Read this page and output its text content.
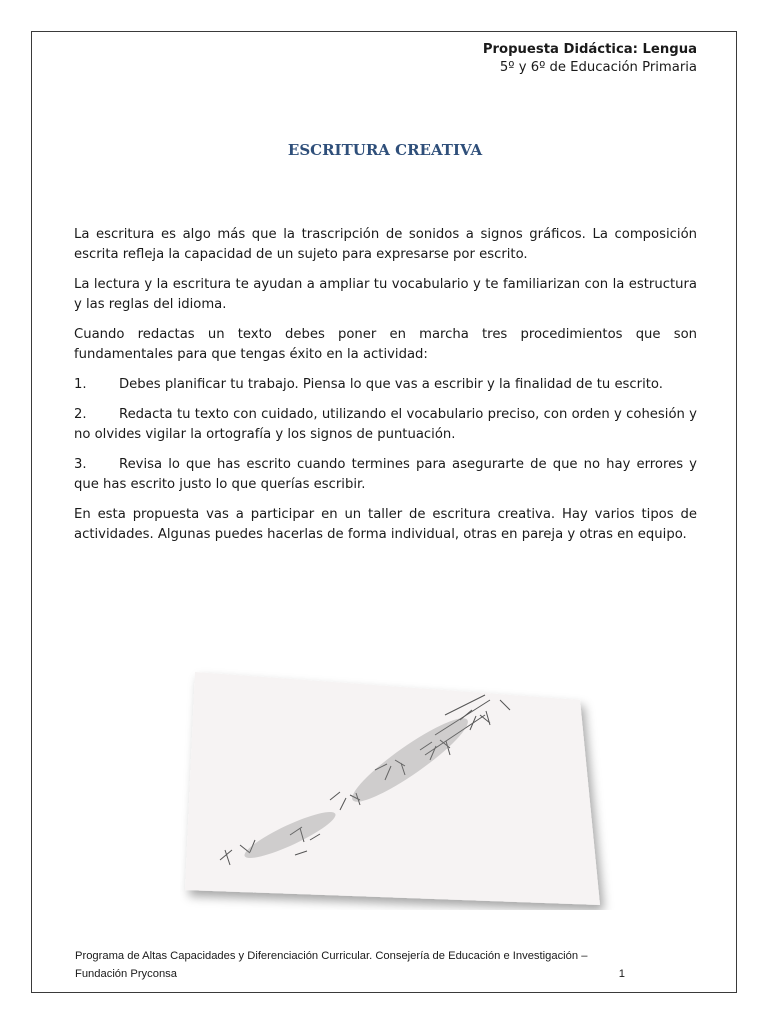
Propuesta Didáctica: Lengua
5º y 6º de Educación Primaria
ESCRITURA CREATIVA

La escritura es algo más que la trascripción de sonidos a signos gráficos. La composición escrita refleja la capacidad de un sujeto para expresarse por escrito.

La lectura y la escritura te ayudan a ampliar tu vocabulario y te familiarizan con la estructura y las reglas del idioma.

Cuando redactas un texto debes poner en marcha tres procedimientos que son fundamentales para que tengas éxito en la actividad:

1. Debes planificar tu trabajo. Piensa lo que vas a escribir y la finalidad de tu escrito.

2. Redacta tu texto con cuidado, utilizando el vocabulario preciso, con orden y cohesión y no olvides vigilar la ortografía y los signos de puntuación.

3. Revisa lo que has escrito cuando termines para asegurarte de que no hay errores y que has escrito justo lo que querías escribir.

En esta propuesta vas a participar en un taller de escritura creativa. Hay varios tipos de actividades. Algunas puedes hacerlas de forma individual, otras en pareja y otras en equipo.

Programa de Altas Capacidades y Diferenciación Curricular. Consejería de Educación e Investigación –
Fundación Pryconsa	1
